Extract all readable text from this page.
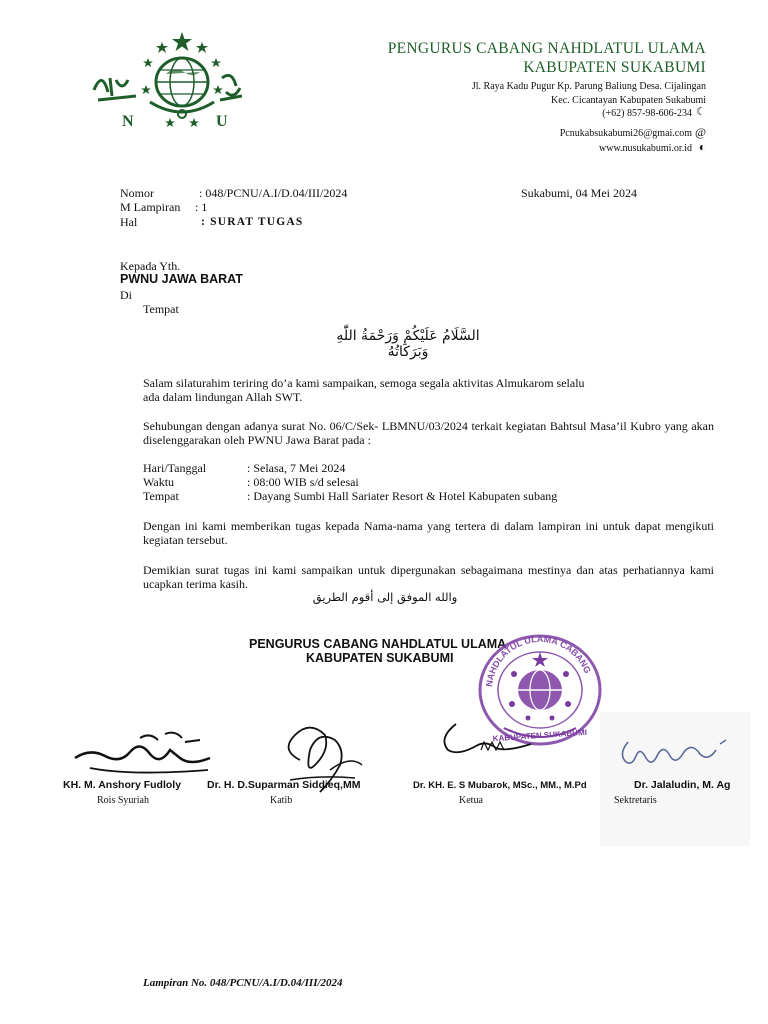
N	U
PENGURUS CABANG NAHDLATUL ULAMA
KABUPATEN SUKABUMI
Jl. Raya Kadu Pugur Kp. Parung Baliung Desa. Cijalingan
Kec. Cicantayan Kabupaten Sukabumi
(+62) 857-98-606-234 ☾
Pcnukabsukabumi26@gmai.com @
www.nusukabumi.or.id ◐
Nomor	: 048/PCNU/A.I/D.04/III/2024	Sukabumi, 04 Mei 2024
M Lampiran : 1
Hal	: SURAT TUGAS
Kepada Yth.
PWNU JAWA BARAT
Di
Tempat
السَّلَامُ عَلَيْكُمْ وَرَحْمَةُ اللّٰهِ وَبَرَكَاتُهُ
Salam silaturahim teriring do’a kami sampaikan, semoga segala aktivitas Almukarom selalu
ada dalam lindungan Allah SWT.
Sehubungan dengan adanya surat No. 06/C/Sek- LBMNU/03/2024 terkait kegiatan Bahtsul Masa’il Kubro yang akan diselenggarakan oleh PWNU Jawa Barat pada :
Hari/Tanggal	: Selasa, 7 Mei 2024
Waktu	: 08:00 WIB s/d selesai
Tempat	: Dayang Sumbi Hall Sariater Resort & Hotel Kabupaten subang
Dengan ini kami memberikan tugas kepada Nama-nama yang tertera di dalam lampiran ini untuk dapat mengikuti kegiatan tersebut.
Demikian surat tugas ini kami sampaikan untuk dipergunakan sebagaimana mestinya dan atas perhatiannya kami ucapkan terima kasih.
والله الموفق إلى أقوم الطريق
PENGURUS CABANG NAHDLATUL ULAMA
KABUPATEN SUKABUMI
NAHDLATUL ULAMA CABANG
KABUPATEN SUKABUMI
KH. M. Anshory Fudloly
Rois Syuriah
Dr. H. D.Suparman Siddieq,MM
Katib
Dr. KH. E. S Mubarok, MSc., MM., M.Pd
Ketua
Dr. Jalaludin, M. Ag
Sektretaris
Lampiran No. 048/PCNU/A.I/D.04/III/2024
